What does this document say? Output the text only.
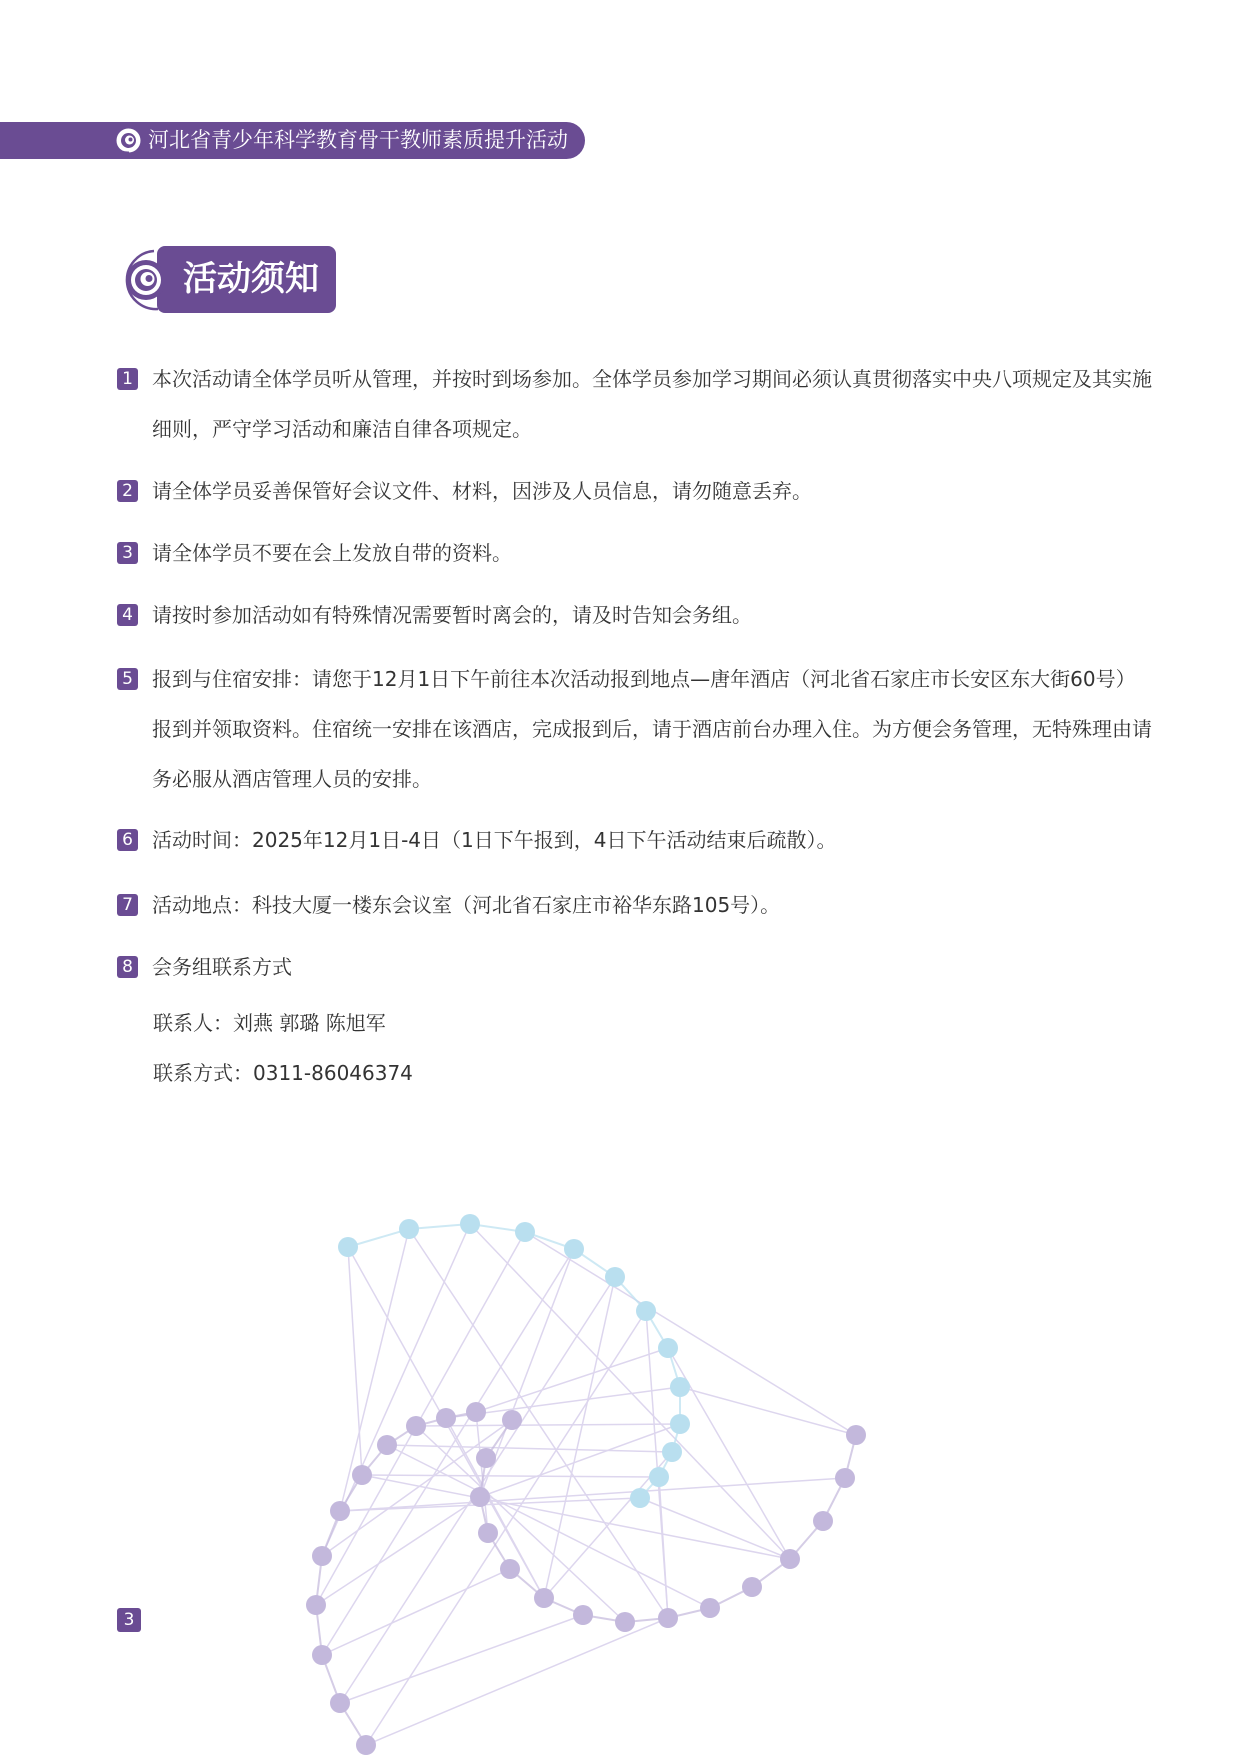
河北省青少年科学教育骨干教师素质提升活动
活动须知
1 本次活动请全体学员听从管理，并按时到场参加。全体学员参加学习期间必须认真贯彻落实中央八项规定及其实施细则，严守学习活动和廉洁自律各项规定。
2 请全体学员妥善保管好会议文件、材料，因涉及人员信息，请勿随意丢弃。
3 请全体学员不要在会上发放自带的资料。
4 请按时参加活动如有特殊情况需要暂时离会的，请及时告知会务组。
5 报到与住宿安排：请您于12月1日下午前往本次活动报到地点—唐年酒店（河北省石家庄市长安区东大街60号）报到并领取资料。住宿统一安排在该酒店，完成报到后，请于酒店前台办理入住。为方便会务管理，无特殊理由请务必服从酒店管理人员的安排。
6 活动时间：2025年12月1日-4日（1日下午报到，4日下午活动结束后疏散）。
7 活动地点：科技大厦一楼东会议室（河北省石家庄市裕华东路105号）。
8 会务组联系方式
联系人：刘燕 郭璐 陈旭军
联系方式：0311-86046374
3
